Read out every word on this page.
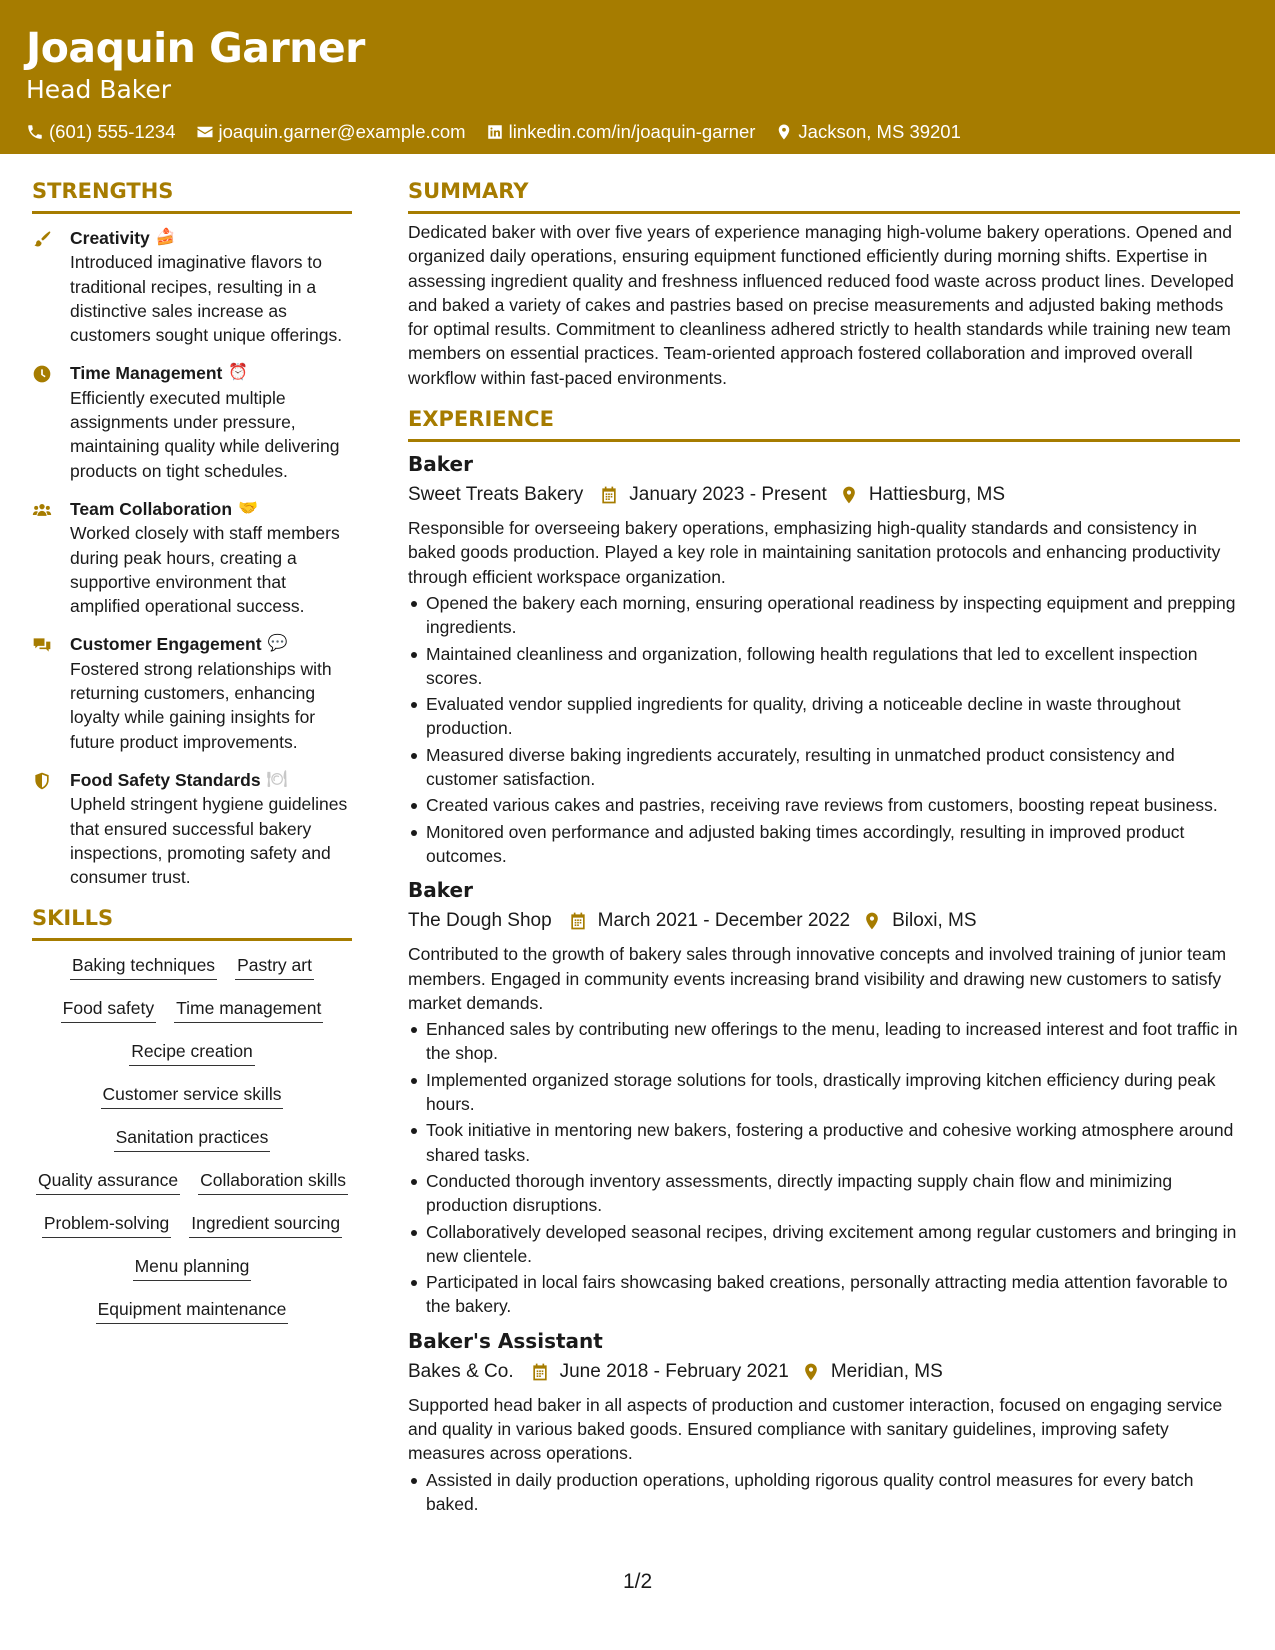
Joaquin Garner
Head Baker
(601) 555-1234 joaquin.garner@example.com linkedin.com/in/joaquin-garner Jackson, MS 39201
STRENGTHS
Creativity 🍰
Introduced imaginative flavors to traditional recipes, resulting in a distinctive sales increase as customers sought unique offerings.
Time Management ⏰
Efficiently executed multiple assignments under pressure, maintaining quality while delivering products on tight schedules.
Team Collaboration 🤝
Worked closely with staff members during peak hours, creating a supportive environment that amplified operational success.
Customer Engagement 💬
Fostered strong relationships with returning customers, enhancing loyalty while gaining insights for future product improvements.
Food Safety Standards 🍽
Upheld stringent hygiene guidelines that ensured successful bakery inspections, promoting safety and consumer trust.
SKILLS
Baking techniques Pastry art
Food safety Time management
Recipe creation
Customer service skills
Sanitation practices
Quality assurance Collaboration skills
Problem-solving Ingredient sourcing
Menu planning
Equipment maintenance
SUMMARY
Dedicated baker with over five years of experience managing high-volume bakery operations. Opened and organized daily operations, ensuring equipment functioned efficiently during morning shifts. Expertise in assessing ingredient quality and freshness influenced reduced food waste across product lines. Developed and baked a variety of cakes and pastries based on precise measurements and adjusted baking methods for optimal results. Commitment to cleanliness adhered strictly to health standards while training new team members on essential practices. Team-oriented approach fostered collaboration and improved overall workflow within fast-paced environments.
EXPERIENCE
Baker
Sweet Treats Bakery January 2023 - Present Hattiesburg, MS
Responsible for overseeing bakery operations, emphasizing high-quality standards and consistency in baked goods production. Played a key role in maintaining sanitation protocols and enhancing productivity through efficient workspace organization.
Opened the bakery each morning, ensuring operational readiness by inspecting equipment and prepping ingredients.
Maintained cleanliness and organization, following health regulations that led to excellent inspection scores.
Evaluated vendor supplied ingredients for quality, driving a noticeable decline in waste throughout production.
Measured diverse baking ingredients accurately, resulting in unmatched product consistency and customer satisfaction.
Created various cakes and pastries, receiving rave reviews from customers, boosting repeat business.
Monitored oven performance and adjusted baking times accordingly, resulting in improved product outcomes.
Baker
The Dough Shop March 2021 - December 2022 Biloxi, MS
Contributed to the growth of bakery sales through innovative concepts and involved training of junior team members. Engaged in community events increasing brand visibility and drawing new customers to satisfy market demands.
Enhanced sales by contributing new offerings to the menu, leading to increased interest and foot traffic in the shop.
Implemented organized storage solutions for tools, drastically improving kitchen efficiency during peak hours.
Took initiative in mentoring new bakers, fostering a productive and cohesive working atmosphere around shared tasks.
Conducted thorough inventory assessments, directly impacting supply chain flow and minimizing production disruptions.
Collaboratively developed seasonal recipes, driving excitement among regular customers and bringing in new clientele.
Participated in local fairs showcasing baked creations, personally attracting media attention favorable to the bakery.
Baker's Assistant
Bakes & Co. June 2018 - February 2021 Meridian, MS
Supported head baker in all aspects of production and customer interaction, focused on engaging service and quality in various baked goods. Ensured compliance with sanitary guidelines, improving safety measures across operations.
Assisted in daily production operations, upholding rigorous quality control measures for every batch baked.
1/2
